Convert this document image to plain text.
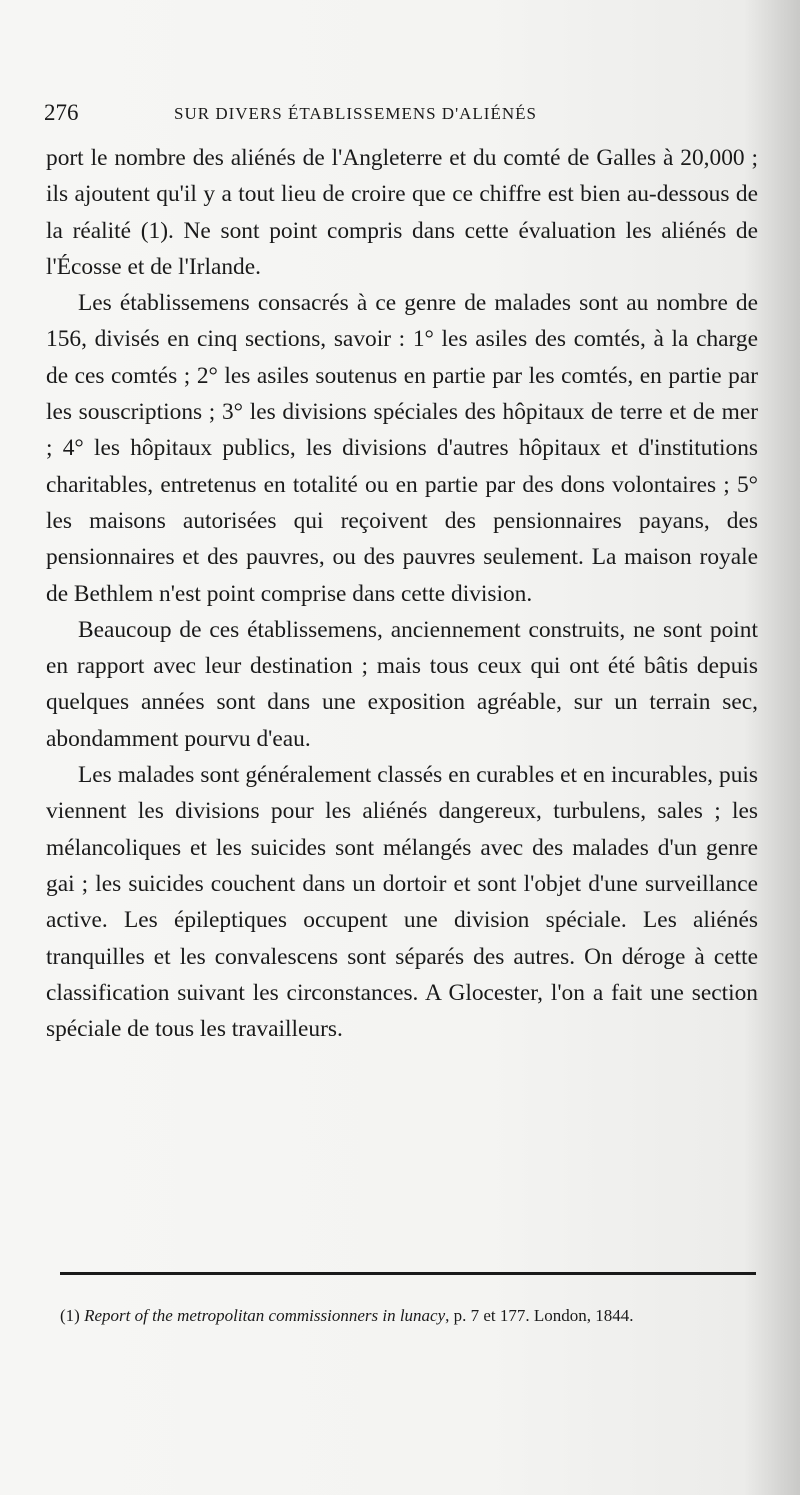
276	SUR DIVERS ÉTABLISSEMENS D'ALIÉNÉS

port le nombre des aliénés de l'Angleterre et du comté de Galles à 20,000 ; ils ajoutent qu'il y a tout lieu de croire que ce chiffre est bien au-dessous de la réalité (1). Ne sont point compris dans cette évaluation les aliénés de l'Écosse et de l'Irlande.

Les établissemens consacrés à ce genre de malades sont au nombre de 156, divisés en cinq sections, savoir : 1° les asiles des comtés, à la charge de ces comtés ; 2° les asiles soutenus en partie par les comtés, en partie par les souscriptions ; 3° les divisions spéciales des hôpitaux de terre et de mer ; 4° les hôpitaux publics, les divisions d'autres hôpitaux et d'institutions charitables, entretenus en totalité ou en partie par des dons volontaires ; 5° les maisons autorisées qui reçoivent des pensionnaires payans, des pensionnaires et des pauvres, ou des pauvres seulement. La maison royale de Bethlem n'est point comprise dans cette division.

Beaucoup de ces établissemens, anciennement construits, ne sont point en rapport avec leur destination ; mais tous ceux qui ont été bâtis depuis quelques années sont dans une exposition agréable, sur un terrain sec, abondamment pourvu d'eau.

Les malades sont généralement classés en curables et en incurables, puis viennent les divisions pour les aliénés dangereux, turbulens, sales ; les mélancoliques et les suicides sont mélangés avec des malades d'un genre gai ; les suicides couchent dans un dortoir et sont l'objet d'une surveillance active. Les épileptiques occupent une division spéciale. Les aliénés tranquilles et les convalescens sont séparés des autres. On déroge à cette classification suivant les circonstances. A Glocester, l'on a fait une section spéciale de tous les travailleurs.

(1) Report of the metropolitan commissionners in lunacy, p. 7 et 177. London, 1844.
